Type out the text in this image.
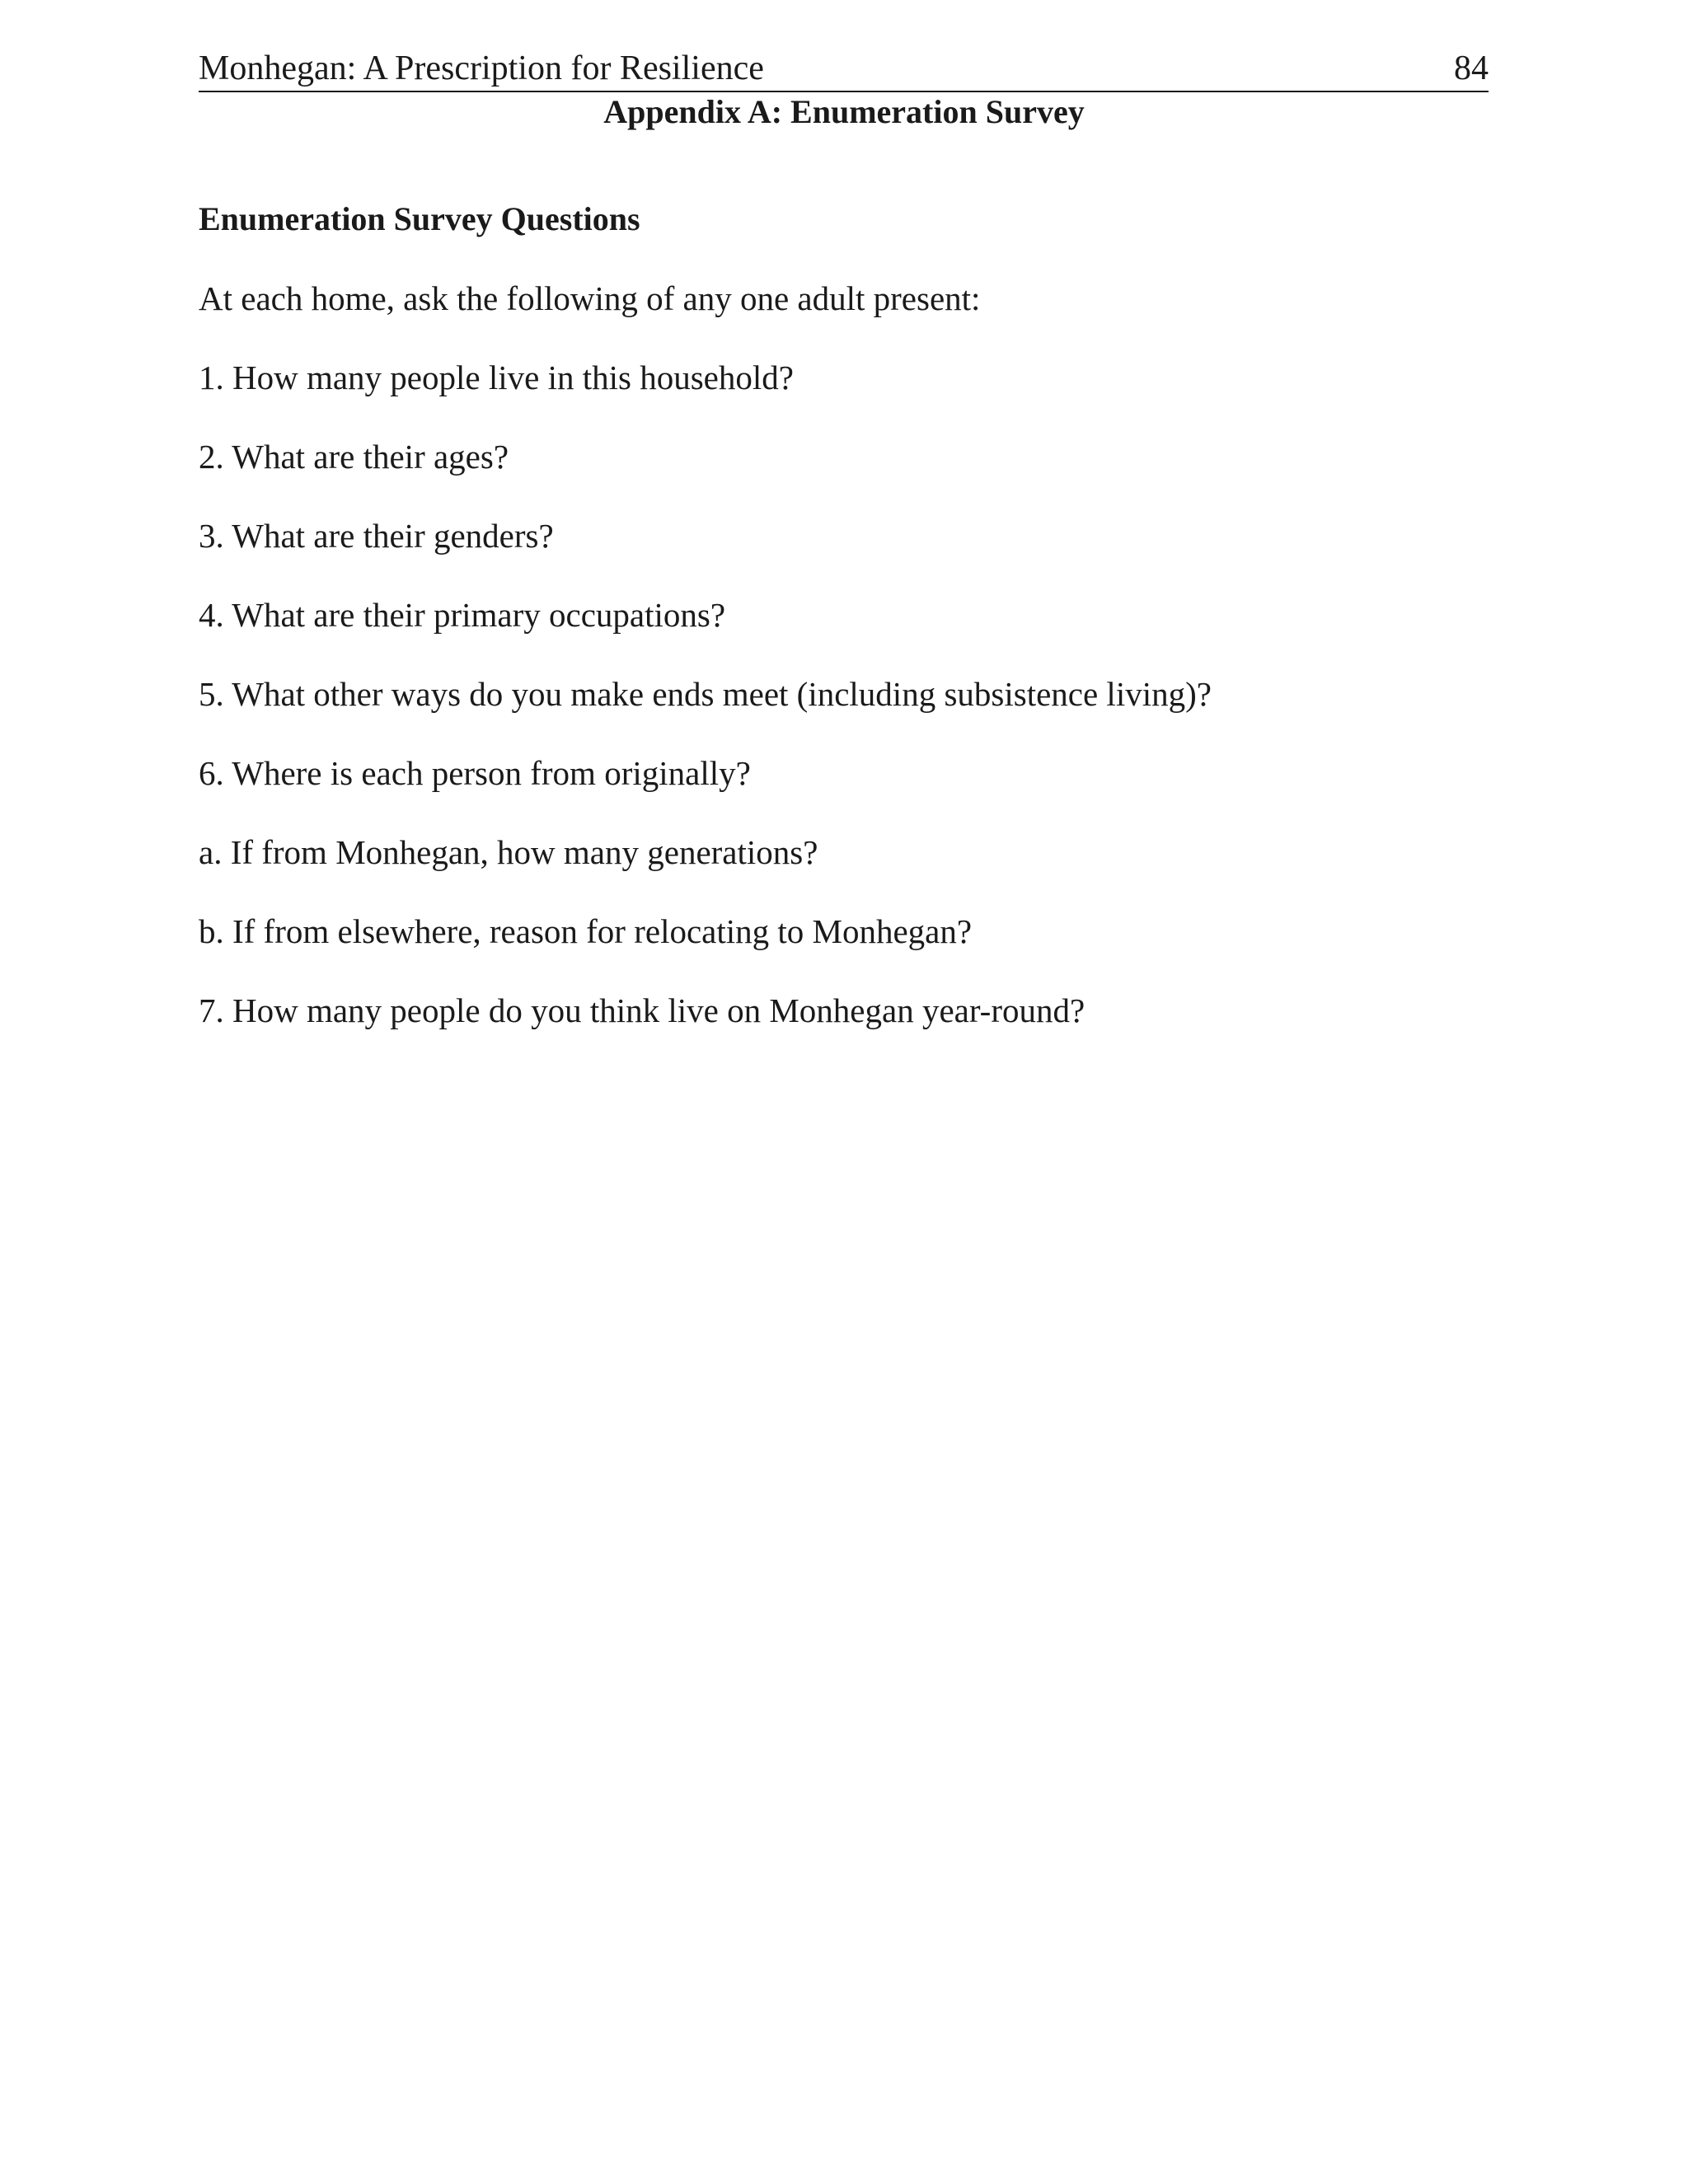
Monhegan: A Prescription for Resilience	84
Appendix A: Enumeration Survey
Enumeration Survey Questions

At each home, ask the following of any one adult present:

1. How many people live in this household?
2. What are their ages?
3. What are their genders?
4. What are their primary occupations?
5. What other ways do you make ends meet (including subsistence living)?
6. Where is each person from originally?
a. If from Monhegan, how many generations?
b. If from elsewhere, reason for relocating to Monhegan?
7. How many people do you think live on Monhegan year-round?
